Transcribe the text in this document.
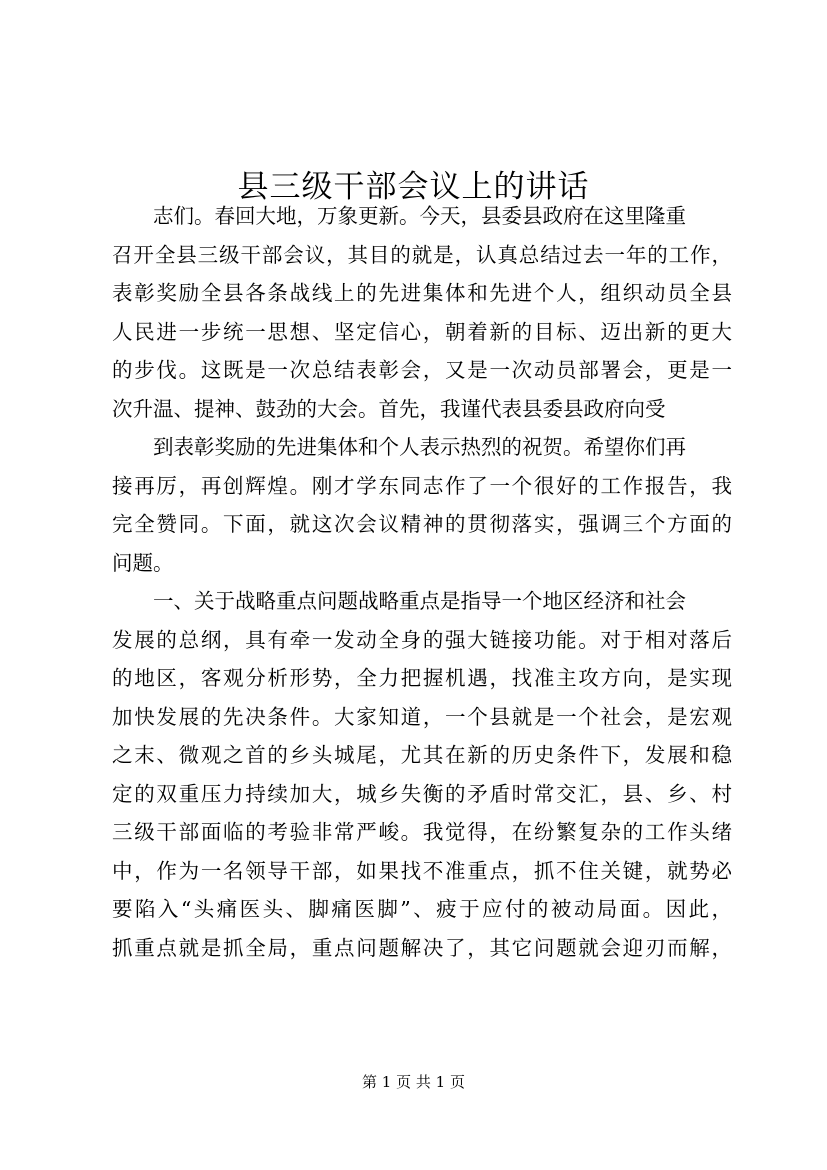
县三级干部会议上的讲话
志们。春回大地，万象更新。今天，县委县政府在这里隆重
召开全县三级干部会议，其目的就是，认真总结过去一年的工作，
表彰奖励全县各条战线上的先进集体和先进个人，组织动员全县
人民进一步统一思想、坚定信心，朝着新的目标、迈出新的更大
的步伐。这既是一次总结表彰会，又是一次动员部署会，更是一
次升温、提神、鼓劲的大会。首先，我谨代表县委县政府向受
到表彰奖励的先进集体和个人表示热烈的祝贺。希望你们再
接再厉，再创辉煌。刚才学东同志作了一个很好的工作报告，我
完全赞同。下面，就这次会议精神的贯彻落实，强调三个方面的
问题。
一、关于战略重点问题战略重点是指导一个地区经济和社会
发展的总纲，具有牵一发动全身的强大链接功能。对于相对落后
的地区，客观分析形势，全力把握机遇，找准主攻方向，是实现
加快发展的先决条件。大家知道，一个县就是一个社会，是宏观
之末、微观之首的乡头城尾，尤其在新的历史条件下，发展和稳
定的双重压力持续加大，城乡失衡的矛盾时常交汇，县、乡、村
三级干部面临的考验非常严峻。我觉得，在纷繁复杂的工作头绪
中，作为一名领导干部，如果找不准重点，抓不住关键，就势必
要陷入“头痛医头、脚痛医脚”、疲于应付的被动局面。因此，
抓重点就是抓全局，重点问题解决了，其它问题就会迎刃而解，
第 1 页 共 1 页
